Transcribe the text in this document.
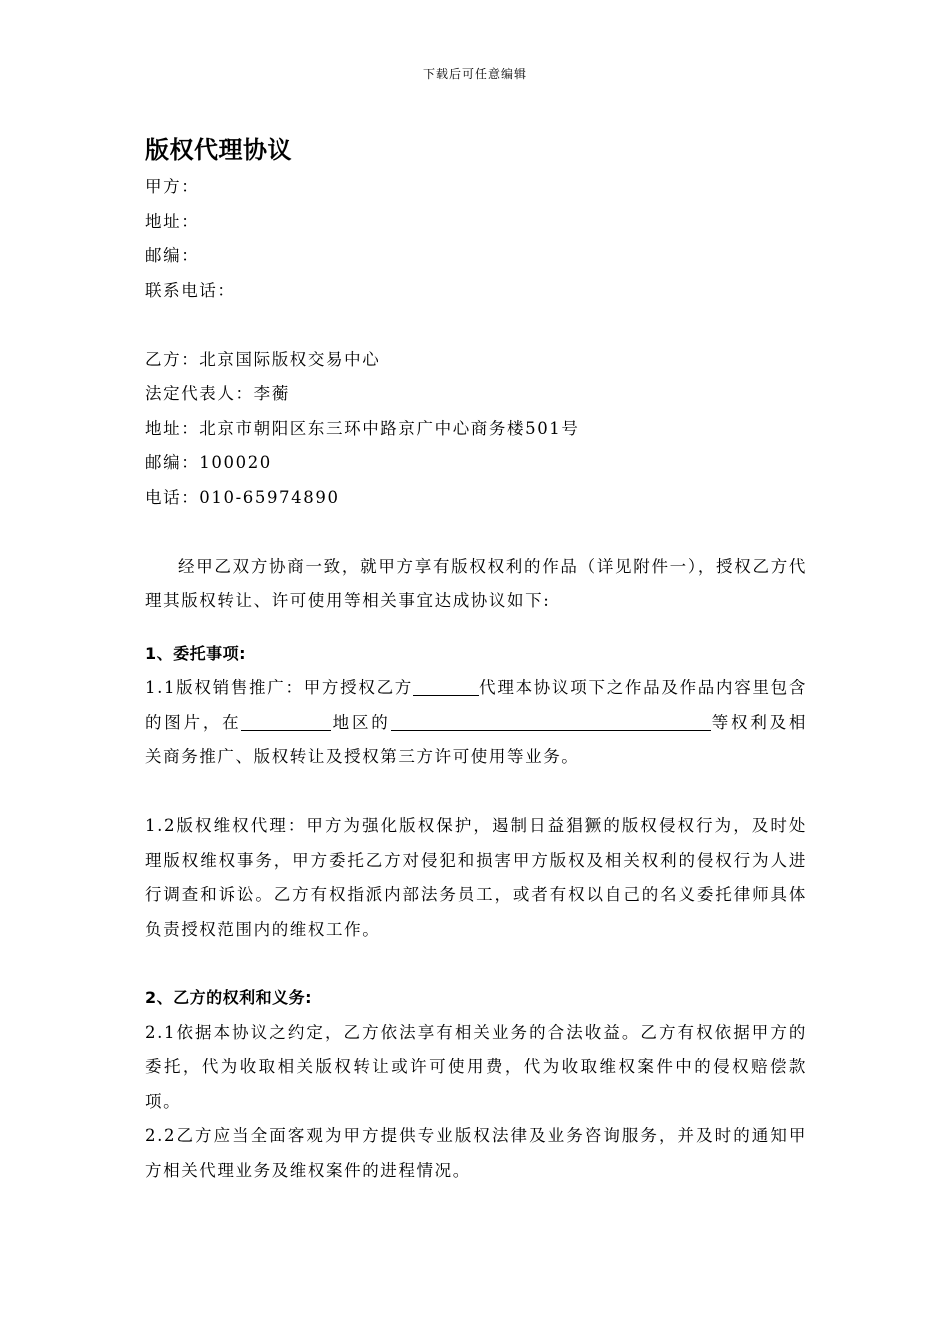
下载后可任意编辑
版权代理协议
甲方：
地址：
邮编：
联系电话：
乙方：北京国际版权交易中心
法定代表人：李蘅
地址：北京市朝阳区东三环中路京广中心商务楼501号
邮编：100020
电话：010-65974890
经甲乙双方协商一致，就甲方享有版权权利的作品（详见附件一），授权乙方代理其版权转让、许可使用等相关事宜达成协议如下:
1、委托事项:
1.1版权销售推广：甲方授权乙方	代理本协议项下之作品及作品内容里包含的图片，在	地区的	等权利及相关商务推广、版权转让及授权第三方许可使用等业务。
1.2版权维权代理：甲方为强化版权保护，遏制日益猖獗的版权侵权行为，及时处理版权维权事务，甲方委托乙方对侵犯和损害甲方版权及相关权利的侵权行为人进行调查和诉讼。乙方有权指派内部法务员工，或者有权以自己的名义委托律师具体负责授权范围内的维权工作。
2、乙方的权利和义务:
2.1依据本协议之约定，乙方依法享有相关业务的合法收益。乙方有权依据甲方的委托，代为收取相关版权转让或许可使用费，代为收取维权案件中的侵权赔偿款项。
2.2乙方应当全面客观为甲方提供专业版权法律及业务咨询服务，并及时的通知甲方相关代理业务及维权案件的进程情况。
